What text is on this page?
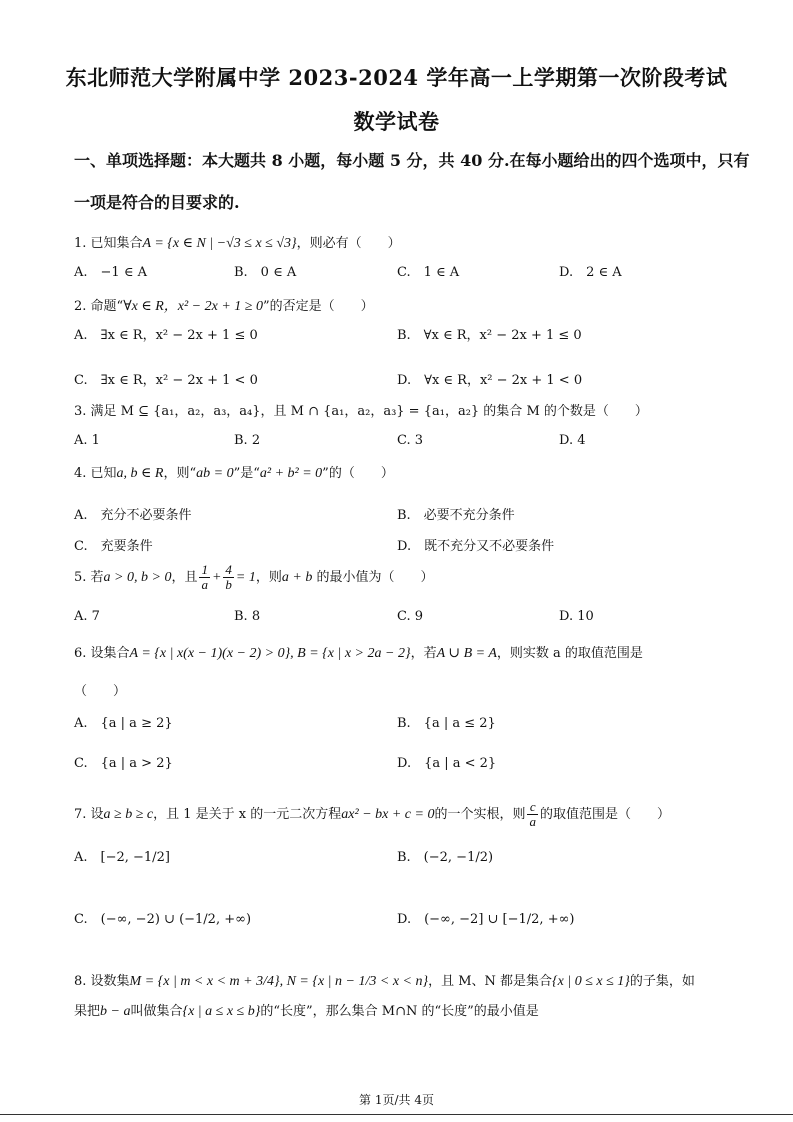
东北师范大学附属中学 2023-2024 学年高一上学期第一次阶段考试
数学试卷
一、单项选择题：本大题共 8 小题，每小题 5 分，共 40 分.在每小题给出的四个选项中，只有
一项是符合的目要求的.
1. 已知集合A = {x ∈ N | −√3 ≤ x ≤ √3}，则必有（　　）
A.　−1 ∈ A	B.　0 ∈ A	C.　1 ∈ A	D.　2 ∈ A
2. 命题“∀x ∈ R，x² − 2x + 1 ≥ 0”的否定是（　　）
A.　∃x ∈ R，x² − 2x + 1 ≤ 0	B.　∀x ∈ R，x² − 2x + 1 ≤ 0
C.　∃x ∈ R，x² − 2x + 1 < 0	D.　∀x ∈ R，x² − 2x + 1 < 0
3. 满足 M ⊆ {a₁，a₂，a₃，a₄}，且 M ∩ {a₁，a₂，a₃} = {a₁，a₂} 的集合 M 的个数是（　　）
A. 1	B. 2	C. 3	D. 4
4. 已知a, b ∈ R，则“ab = 0”是“a² + b² = 0”的（　　）
A.　充分不必要条件	B.　必要不充分条件
C.　充要条件	D.　既不充分又不必要条件
5. 若a > 0, b > 0，且 $\frac{1}{a} + \frac{4}{b} = 1$，则a + b 的最小值为（　　）
A. 7	B. 8	C. 9	D. 10
6. 设集合A = {x | x(x − 1)(x − 2) > 0}, B = {x | x > 2a − 2}，若A ∪ B = A，则实数 a 的取值范围是
（　　）
A.　{a | a ≥ 2}	B.　{a | a ≤ 2}
C.　{a | a > 2}	D.　{a | a < 2}
7. 设a ≥ b ≥ c，且 1 是关于 x 的一元二次方程ax² − bx + c = 0的一个实根，则 $\frac{c}{a}$ 的取值范围是（　　）
A.　[−2, −1/2]	B.　(−2, −1/2)
C.　(−∞, −2) ∪ (−1/2, +∞)	D.　(−∞, −2] ∪ [−1/2, +∞)
8. 设数集M = {x | m < x < m + 3/4}, N = {x | n − 1/3 < x < n}，且 M、N 都是集合{x | 0 ≤ x ≤ 1}的子集，如
果把b − a叫做集合{x | a ≤ x ≤ b}的“长度”，那么集合 M∩N 的“长度”的最小值是
第 1页/共 4页
